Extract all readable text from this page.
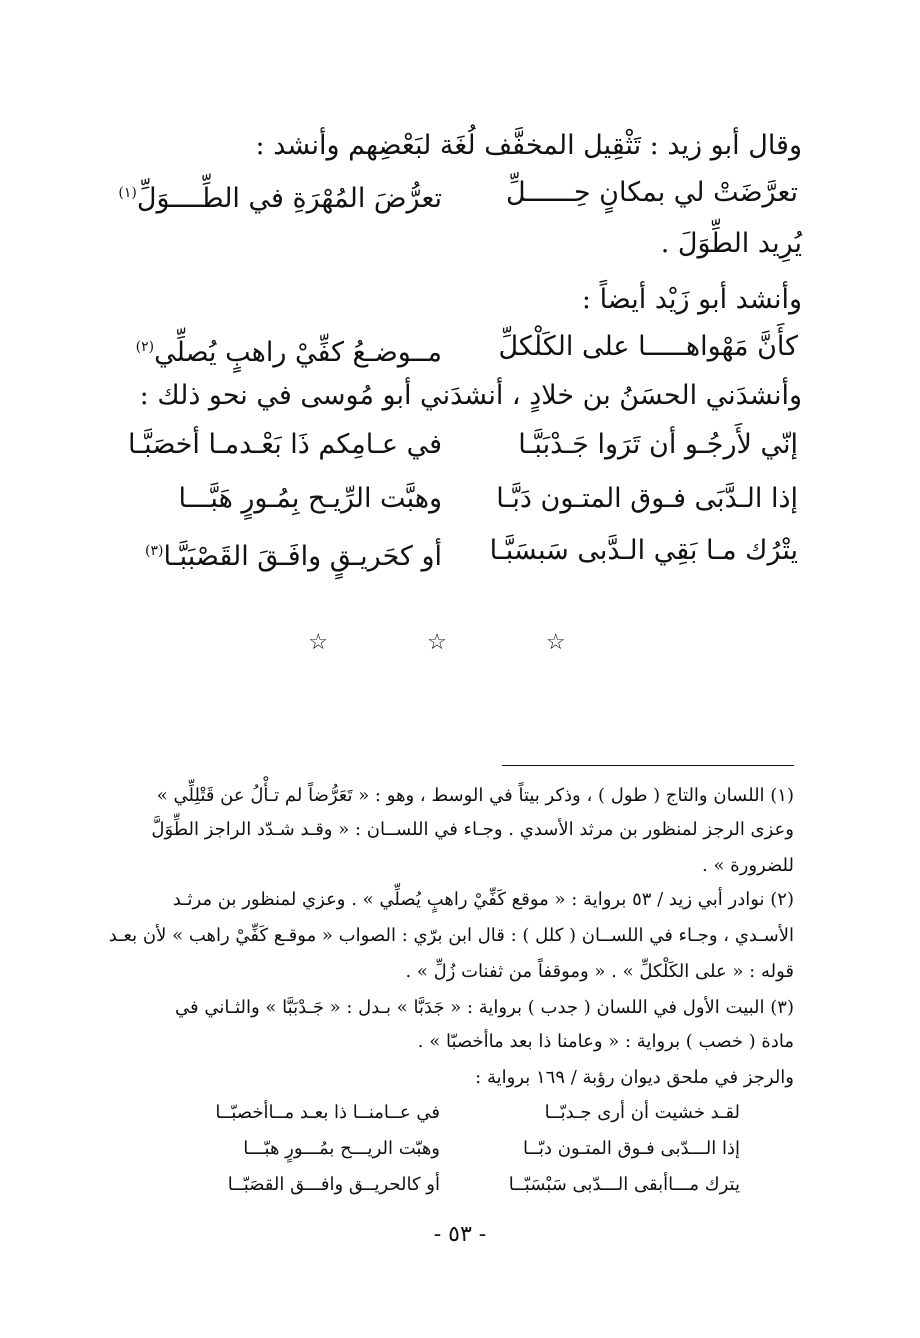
وقال أبو زيد : تَثْقِيل المخفَّف لُغَة لبَعْضِهم وأنشد :
تعرَّضَتْ لي بمكانٍ حِــــــلِّ
تعرُّضَ المُهْرَةِ في الطِّــــوَلِّ$^{(١)}$
يُرِيد الطِّوَلَ .
وأنشد أبو زَيْد أيضاً :
كأَنَّ مَهْواهـــــا على الكَلْكلِّ
مــوضـعُ كفِّيْ راهبٍ يُصلِّي$^{(٢)}$
وأنشدَني الحسَنُ بن خلادٍ ، أنشدَني أبو مُوسى في نحو ذلك :
إنّي لأَرجُـو أن تَرَوا جَـدْبَبَّـا
في عـامِكم ذَا بَعْـدمـا أخصَبَّـا
إذا الـدَّبَى فـوق المتـون دَبَّـا
وهبَّت الرِّيـح بِمُـورٍ هَبَّـــا
يتْرُك مـا بَقِي الـدَّبى سَبسَبَّـا
أو كحَريـقٍ وافَـقَ القَصْبَبَّـا$^{(٣)}$
☆ ☆ ☆
(١) اللسان والتاج ( طول ) ، وذكر بيتاً في الوسط ، وهو : « تَعَرُّضاً لم تـأْلُ عن قَتْلِلِّي »
وعزى الرجز لمنظور بن مرثد الأسدي . وجـاء في اللســان : « وقـد شـدّد الراجز الطِّوَلَّ
للضرورة » .
(٢) نوادر أبي زيد / ٥٣ برواية : « موقع كَفِّيْ راهبٍ يُصلِّي » . وعزي لمنظور بن مرثـد
الأسـدي ، وجـاء في اللســان ( كلل ) : قال ابن برّي : الصواب « موقـع كَفِّيْ راهب » لأن بعـد
قوله : « على الكَلْكلِّ » . « وموقفاً من ثفنات زُلِّ » .
(٣) البيت الأول في اللسان ( جدب ) برواية : « جَدَبَّا » بـدل : « جَـدْبَبَّا » والثـاني في
مادة ( خصب ) برواية : « وعامنا ذا بعد ماأخصبّا » .
والرجز في ملحق ديوان رؤبة / ١٦٩ برواية :
لقـد خشيت أن أرى جـدبّــا
في عــامنــا ذا بعـد مــاأخصبّــا
إذا الـــدّبى فـوق المتـون دبّــا
وهبّت الريـــح بمُـــورٍ هبّـــا
يترك مـــاأبقى الـــدّبى سَبْسَبّــا
أو كالحريــق وافـــق القصَبّــا
- ٥٣ -
